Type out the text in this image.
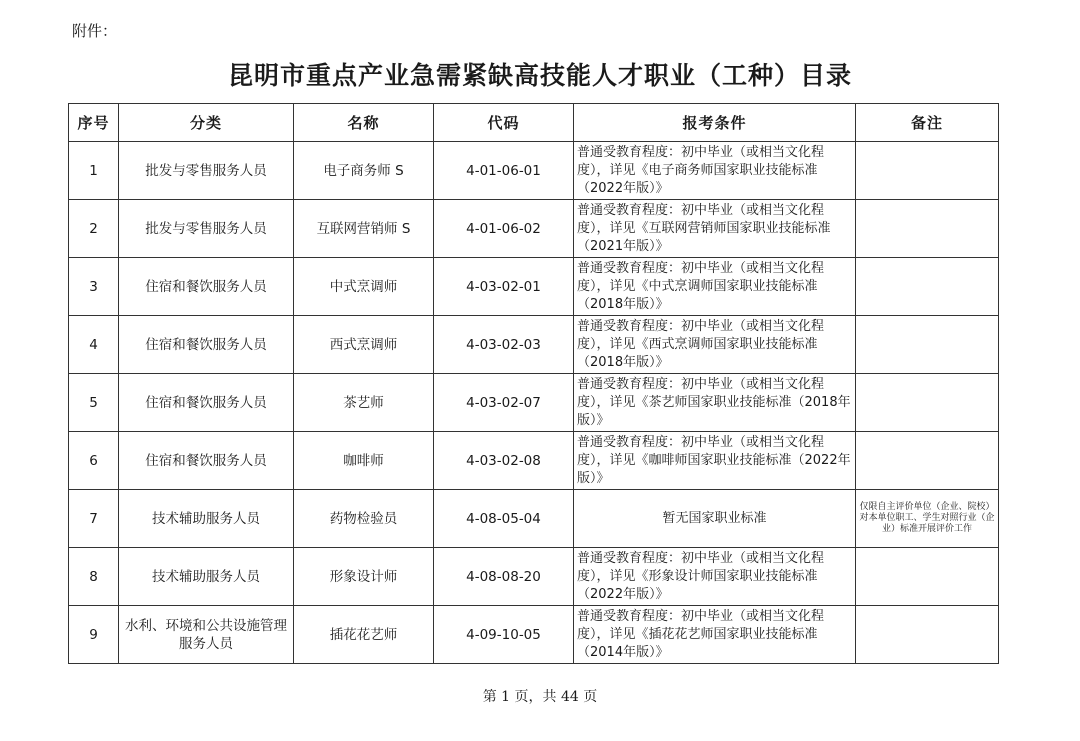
附件：
昆明市重点产业急需紧缺高技能人才职业（工种）目录
序号	分类	名称	代码	报考条件	备注
1	批发与零售服务人员	电子商务师 S	4-01-06-01	普通受教育程度：初中毕业（或相当文化程度），详见《电子商务师国家职业技能标准（2022年版）》	
2	批发与零售服务人员	互联网营销师 S	4-01-06-02	普通受教育程度：初中毕业（或相当文化程度），详见《互联网营销师国家职业技能标准（2021年版）》	
3	住宿和餐饮服务人员	中式烹调师	4-03-02-01	普通受教育程度：初中毕业（或相当文化程度），详见《中式烹调师国家职业技能标准（2018年版）》	
4	住宿和餐饮服务人员	西式烹调师	4-03-02-03	普通受教育程度：初中毕业（或相当文化程度），详见《西式烹调师国家职业技能标准（2018年版）》	
5	住宿和餐饮服务人员	茶艺师	4-03-02-07	普通受教育程度：初中毕业（或相当文化程度），详见《茶艺师国家职业技能标准（2018年版）》	
6	住宿和餐饮服务人员	咖啡师	4-03-02-08	普通受教育程度：初中毕业（或相当文化程度），详见《咖啡师国家职业技能标准（2022年版）》	
7	技术辅助服务人员	药物检验员	4-08-05-04	暂无国家职业标准	仅限自主评价单位（企业、院校）对本单位职工、学生对照行业（企业）标准开展评价工作
8	技术辅助服务人员	形象设计师	4-08-08-20	普通受教育程度：初中毕业（或相当文化程度），详见《形象设计师国家职业技能标准（2022年版）》	
9	水利、环境和公共设施管理服务人员	插花花艺师	4-09-10-05	普通受教育程度：初中毕业（或相当文化程度），详见《插花花艺师国家职业技能标准（2014年版）》	
第 1 页，共 44 页
